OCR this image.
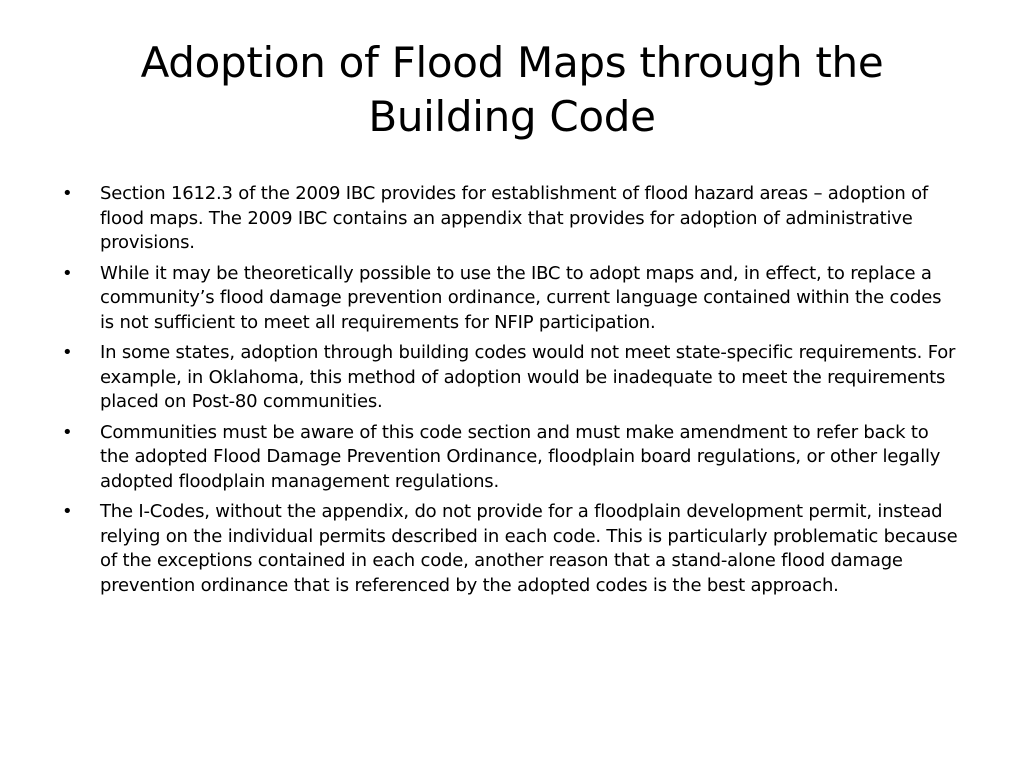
Adoption of Flood Maps through the Building Code
• Section 1612.3 of the 2009 IBC provides for establishment of flood hazard areas – adoption of flood maps. The 2009 IBC contains an appendix that provides for adoption of administrative provisions.
• While it may be theoretically possible to use the IBC to adopt maps and, in effect, to replace a community’s flood damage prevention ordinance, current language contained within the codes is not sufficient to meet all requirements for NFIP participation.
• In some states, adoption through building codes would not meet state-specific requirements. For example, in Oklahoma, this method of adoption would be inadequate to meet the requirements placed on Post-80 communities.
• Communities must be aware of this code section and must make amendment to refer back to the adopted Flood Damage Prevention Ordinance, floodplain board regulations, or other legally adopted floodplain management regulations.
• The I-Codes, without the appendix, do not provide for a floodplain development permit, instead relying on the individual permits described in each code. This is particularly problematic because of the exceptions contained in each code, another reason that a stand-alone flood damage prevention ordinance that is referenced by the adopted codes is the best approach.
